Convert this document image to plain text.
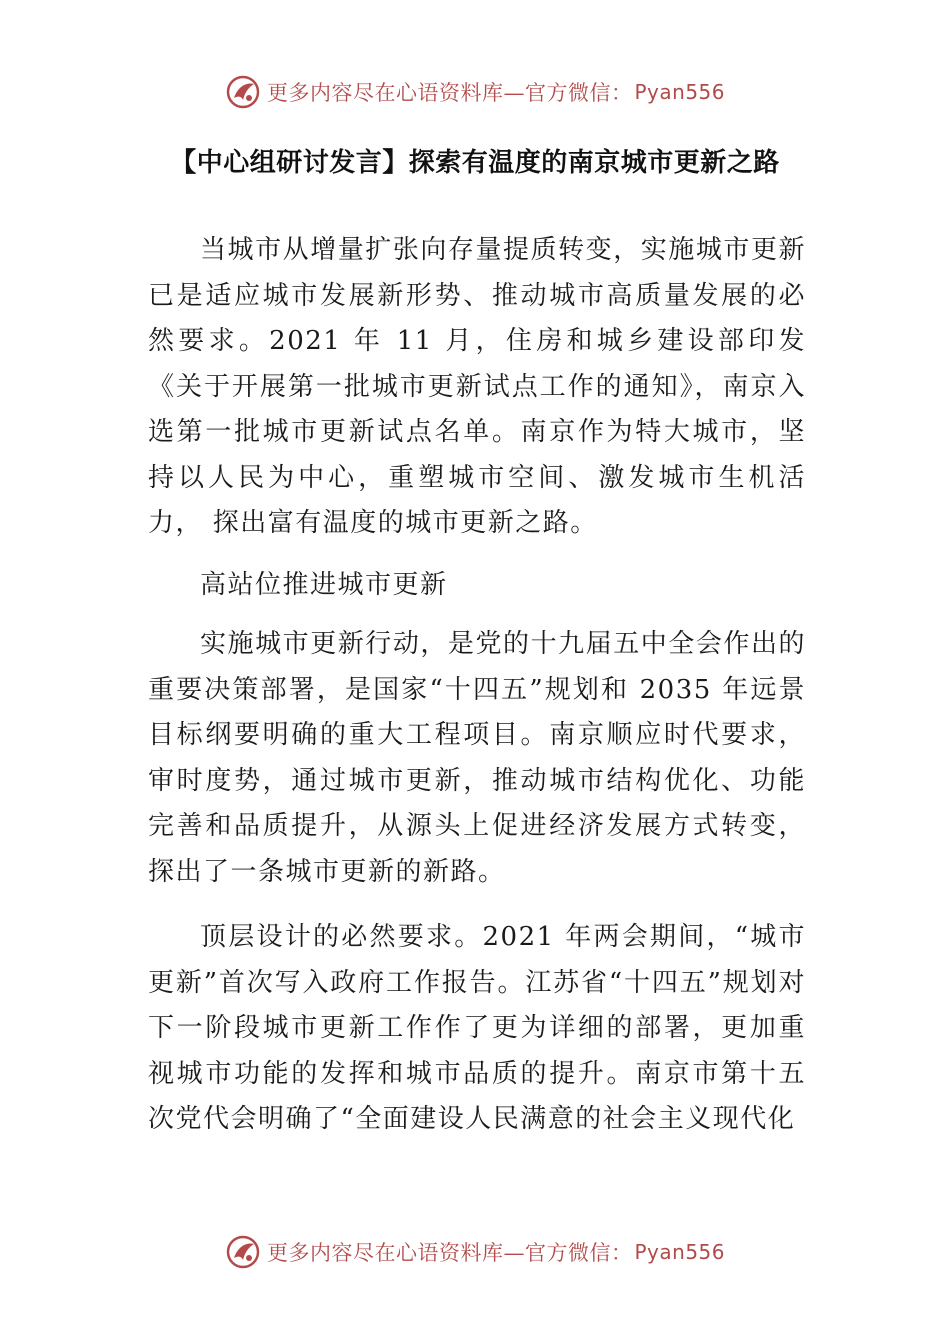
更多内容尽在心语资料库—官方微信： Pyan556
【中心组研讨发言】探索有温度的南京城市更新之路

当城市从增量扩张向存量提质转变，实施城市更新已是适应城市发展新形势、推动城市高质量发展的必然要求。2021 年 11 月，住房和城乡建设部印发《关于开展第一批城市更新试点工作的通知》，南京入选第一批城市更新试点名单。南京作为特大城市，坚持以人民为中心，重塑城市空间、激发城市生机活力， 探出富有温度的城市更新之路。

高站位推进城市更新

实施城市更新行动，是党的十九届五中全会作出的重要决策部署，是国家“十四五”规划和 2035 年远景目标纲要明确的重大工程项目。南京顺应时代要求，审时度势，通过城市更新，推动城市结构优化、功能完善和品质提升，从源头上促进经济发展方式转变，探出了一条城市更新的新路。

顶层设计的必然要求。2021 年两会期间，“城市更新”首次写入政府工作报告。江苏省“十四五”规划对下一阶段城市更新工作作了更为详细的部署，更加重视城市功能的发挥和城市品质的提升。南京市第十五次党代会明确了“全面建设人民满意的社会主义现代化

更多内容尽在心语资料库—官方微信： Pyan556
